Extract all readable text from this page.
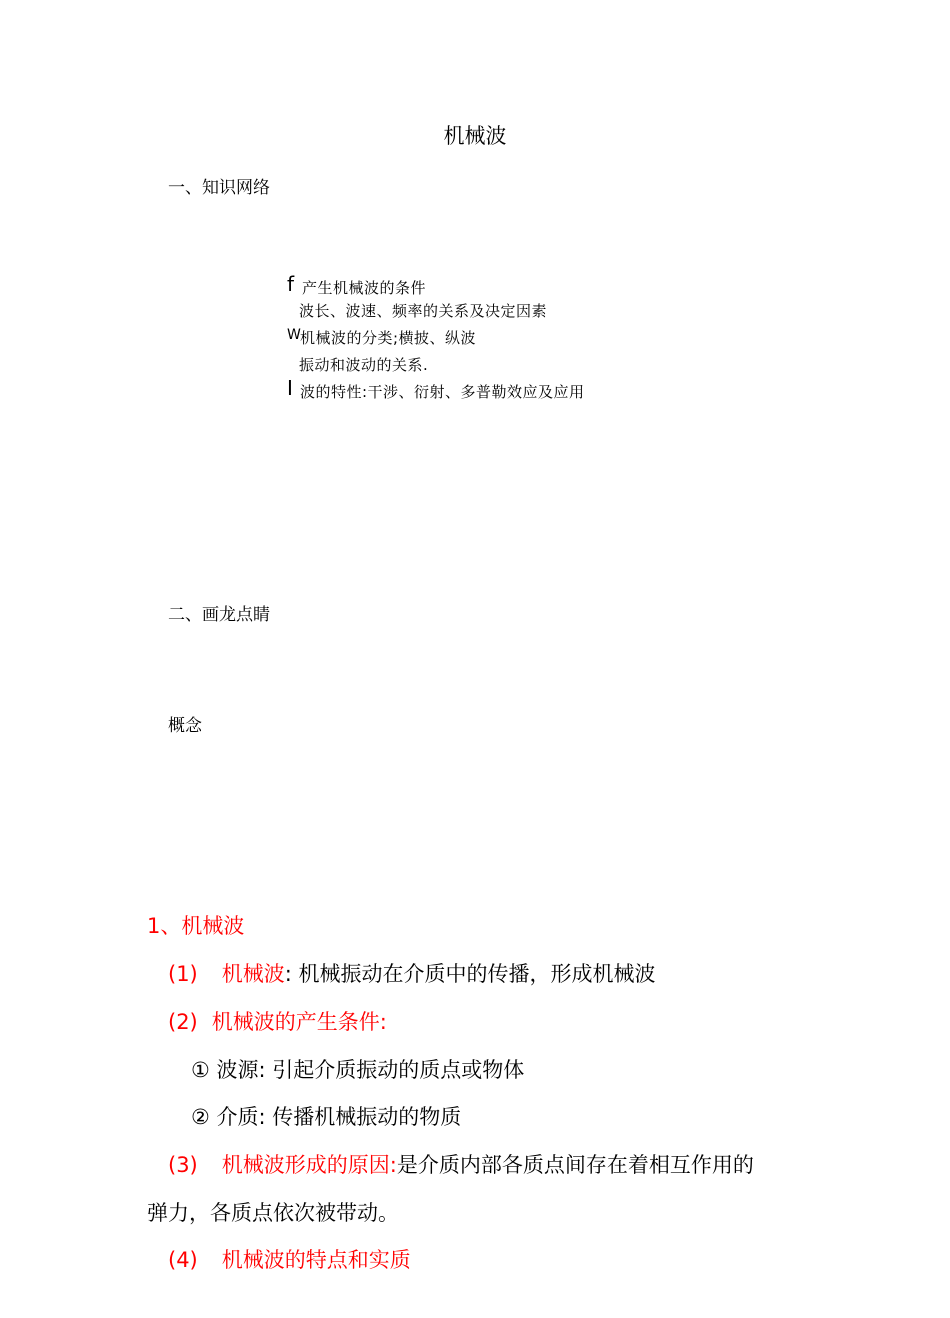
机械波
一、知识网络
f 产生机械波的条件
波长、波速、频率的关系及决定因素
W
机械波的分类;横披、纵波
振动和波动的关系.
I 波的特性:干涉、衍射、多普勒效应及应用
二、画龙点睛
概念
1、机械波
(1) 机械波: 机械振动在介质中的传播，形成机械波
(2) 机械波的产生条件:
① 波源: 引起介质振动的质点或物体
② 介质: 传播机械振动的物质
(3) 机械波形成的原因:是介质内部各质点间存在着相互作用的
弹力，各质点依次被带动。
(4) 机械波的特点和实质
